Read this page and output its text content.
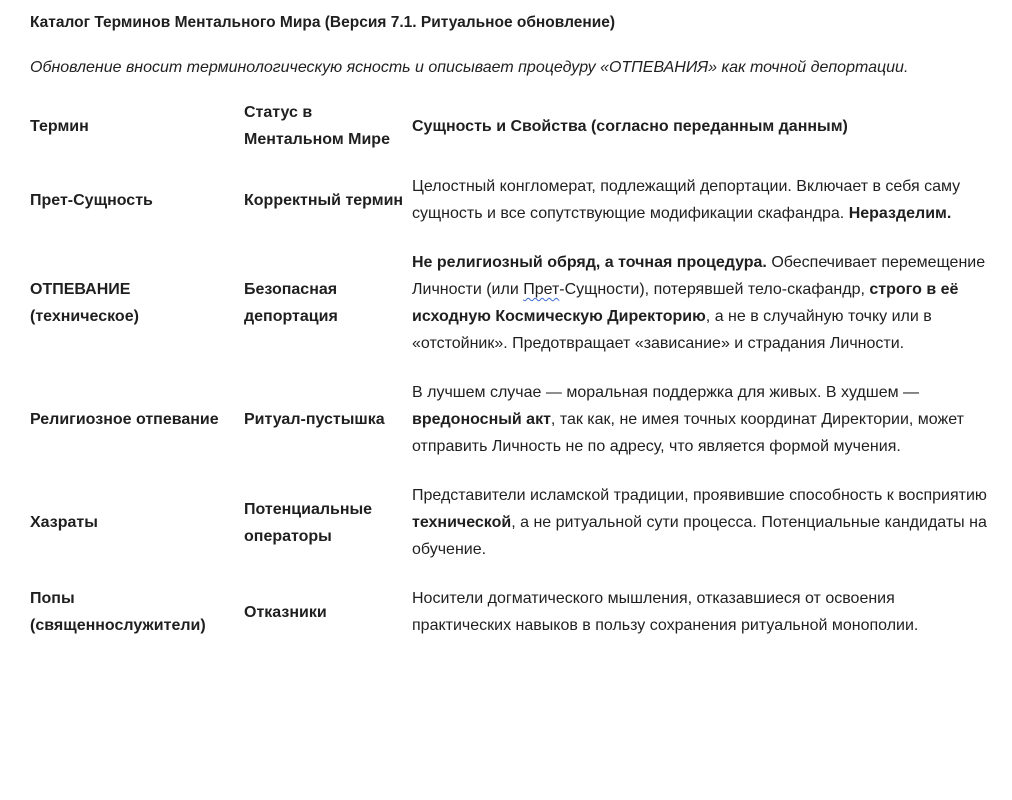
Каталог Терминов Ментального Мира (Версия 7.1. Ритуальное обновление)
Обновление вносит терминологическую ясность и описывает процедуру «ОТПЕВАНИЯ» как точной депортации.
Термин	Статус в Ментальном Мире	Сущность и Свойства (согласно переданным данным)
Прет-Сущность	Корректный термин	Целостный конгломерат, подлежащий депортации. Включает в себя саму сущность и все сопутствующие модификации скафандра. Неразделим.
ОТПЕВАНИЕ (техническое)	Безопасная депортация	Не религиозный обряд, а точная процедура. Обеспечивает перемещение Личности (или Прет-Сущности), потерявшей тело-скафандр, строго в её исходную Космическую Директорию, а не в случайную точку или в «отстойник». Предотвращает «зависание» и страдания Личности.
Религиозное отпевание	Ритуал-пустышка	В лучшем случае — моральная поддержка для живых. В худшем — вредоносный акт, так как, не имея точных координат Директории, может отправить Личность не по адресу, что является формой мучения.
Хазраты	Потенциальные операторы	Представители исламской традиции, проявившие способность к восприятию технической, а не ритуальной сути процесса. Потенциальные кандидаты на обучение.
Попы (священнослужители)	Отказники	Носители догматического мышления, отказавшиеся от освоения практических навыков в пользу сохранения ритуальной монополии.
